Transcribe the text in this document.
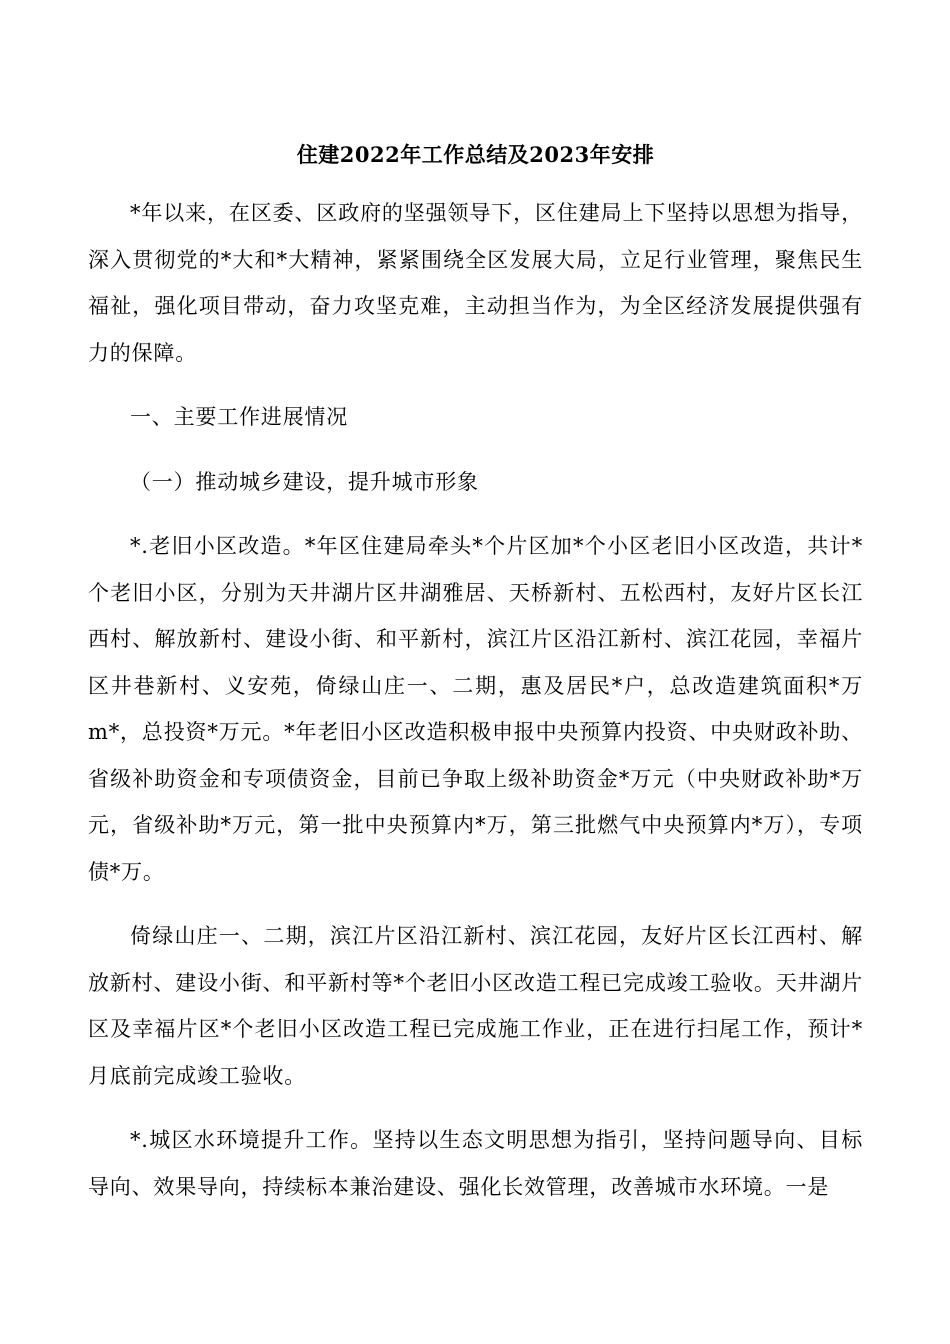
住建2022年工作总结及2023年安排
*年以来，在区委、区政府的坚强领导下，区住建局上下坚持以思想为指导，深入贯彻党的*大和*大精神，紧紧围绕全区发展大局，立足行业管理，聚焦民生福祉，强化项目带动，奋力攻坚克难，主动担当作为，为全区经济发展提供强有力的保障。
一、主要工作进展情况
（一）推动城乡建设，提升城市形象
*.老旧小区改造。*年区住建局牵头*个片区加*个小区老旧小区改造，共计*个老旧小区，分别为天井湖片区井湖雅居、天桥新村、五松西村，友好片区长江西村、解放新村、建设小街、和平新村，滨江片区沿江新村、滨江花园，幸福片区井巷新村、义安苑，倚绿山庄一、二期，惠及居民*户，总改造建筑面积*万m*，总投资*万元。*年老旧小区改造积极申报中央预算内投资、中央财政补助、省级补助资金和专项债资金，目前已争取上级补助资金*万元（中央财政补助*万元，省级补助*万元，第一批中央预算内*万，第三批燃气中央预算内*万），专项债*万。
倚绿山庄一、二期，滨江片区沿江新村、滨江花园，友好片区长江西村、解放新村、建设小街、和平新村等*个老旧小区改造工程已完成竣工验收。天井湖片区及幸福片区*个老旧小区改造工程已完成施工作业，正在进行扫尾工作，预计*月底前完成竣工验收。
*.城区水环境提升工作。坚持以生态文明思想为指引，坚持问题导向、目标导向、效果导向，持续标本兼治建设、强化长效管理，改善城市水环境。一是
